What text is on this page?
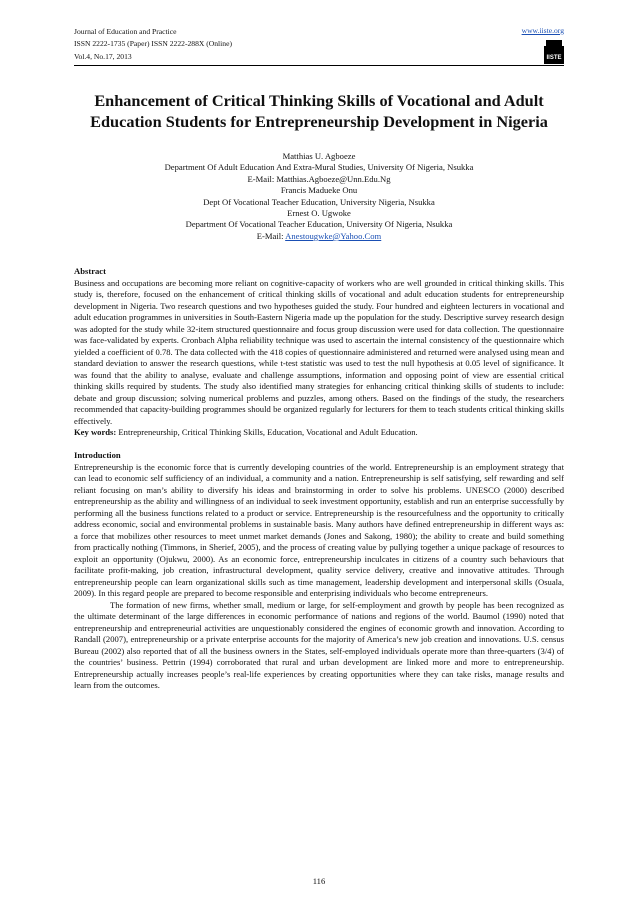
Journal of Education and Practice
ISSN 2222-1735 (Paper) ISSN 2222-288X (Online)
Vol.4, No.17, 2013
www.iiste.org
IISTE
Enhancement of Critical Thinking Skills of Vocational and Adult Education Students for Entrepreneurship Development in Nigeria
Matthias U. Agboeze
Department Of Adult Education And Extra-Mural Studies, University Of Nigeria, Nsukka
E-Mail: Matthias.Agboeze@Unn.Edu.Ng
Francis Madueke Onu
Dept Of Vocational Teacher Education, University Nigeria, Nsukka
Ernest O. Ugwoke
Department Of Vocational Teacher Education, University Of Nigeria, Nsukka
E-Mail: Anestougwke@Yahoo.Com

Abstract

Business and occupations are becoming more reliant on cognitive-capacity of workers who are well grounded in critical thinking skills. This study is, therefore, focused on the enhancement of critical thinking skills of vocational and adult education students for entrepreneurship development in Nigeria. Two research questions and two hypotheses guided the study. Four hundred and eighteen lecturers in vocational and adult education programmes in universities in South-Eastern Nigeria made up the population for the study. Descriptive survey research design was adopted for the study while 32-item structured questionnaire and focus group discussion were used for data collection. The questionnaire was face-validated by experts. Cronbach Alpha reliability technique was used to ascertain the internal consistency of the questionnaire which yielded a coefficient of 0.78. The data collected with the 418 copies of questionnaire administered and returned were analysed using mean and standard deviation to answer the research questions, while t-test statistic was used to test the null hypothesis at 0.05 level of significance. It was found that the ability to analyse, evaluate and challenge assumptions, information and opposing point of view are essential critical thinking skills required by students. The study also identified many strategies for enhancing critical thinking skills of students to include: debate and group discussion; solving numerical problems and puzzles, among others. Based on the findings of the study, the researchers recommended that capacity-building programmes should be organized regularly for lecturers for them to teach students critical thinking skills effectively.

Key words: Entrepreneurship, Critical Thinking Skills, Education, Vocational and Adult Education.

Introduction

Entrepreneurship is the economic force that is currently developing countries of the world. Entrepreneurship is an employment strategy that can lead to economic self sufficiency of an individual, a community and a nation. Entrepreneurship is self satisfying, self rewarding and self reliant focusing on man’s ability to diversify his ideas and brainstorming in order to solve his problems. UNESCO (2000) described entrepreneurship as the ability and willingness of an individual to seek investment opportunity, establish and run an enterprise successfully by performing all the business functions related to a product or service. Entrepreneurship is the resourcefulness and the opportunity to critically address economic, social and environmental problems in sustainable basis. Many authors have defined entrepreneurship in different ways as: a force that mobilizes other resources to meet unmet market demands (Jones and Sakong, 1980); the ability to create and build something from practically nothing (Timmons, in Sherief, 2005), and the process of creating value by pullying together a unique package of resources to exploit an opportunity (Ojukwu, 2000). As an economic force, entrepreneurship inculcates in citizens of a country such behaviours that facilitate profit-making, job creation, infrastructural development, quality service delivery, creative and innovative attitudes. Through entrepreneurship people can learn organizational skills such as time management, leadership development and interpersonal skills (Osuala, 2009). In this regard people are prepared to become responsible and enterprising individuals who become entrepreneurs.

The formation of new firms, whether small, medium or large, for self-employment and growth by people has been recognized as the ultimate determinant of the large differences in economic performance of nations and regions of the world. Baumol (1990) noted that entrepreneurship and entrepreneurial activities are unquestionably considered the engines of economic growth and innovation. According to Randall (2007), entrepreneurship or a private enterprise accounts for the majority of America’s new job creation and innovations. U.S. census Bureau (2002) also reported that of all the business owners in the States, self-employed individuals operate more than three-quarters (3/4) of the countries’ business. Pettrin (1994) corroborated that rural and urban development are linked more and more to entrepreneurship. Entrepreneurship actually increases people’s real-life experiences by creating opportunities where they can take risks, manage results and learn from the outcomes.

116
